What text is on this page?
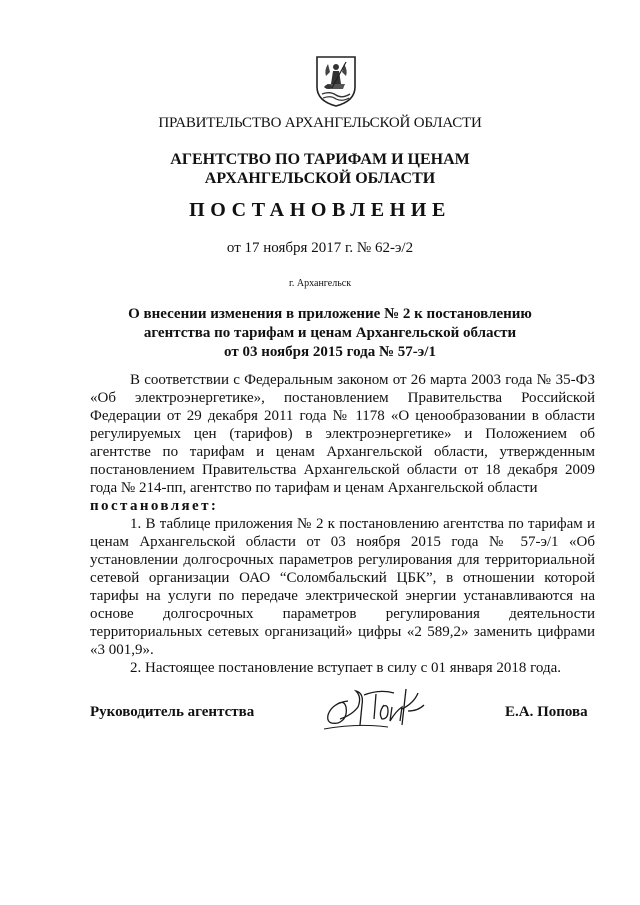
ПРАВИТЕЛЬСТВО АРХАНГЕЛЬСКОЙ ОБЛАСТИ
АГЕНТСТВО ПО ТАРИФАМ И ЦЕНАМ
АРХАНГЕЛЬСКОЙ ОБЛАСТИ
ПОСТАНОВЛЕНИЕ
от 17 ноября 2017 г. № 62-э/2
г. Архангельск
О внесении изменения в приложение № 2 к постановлению
агентства по тарифам и ценам Архангельской области
от 03 ноября 2015 года № 57-э/1

В соответствии с Федеральным законом от 26 марта 2003 года № 35-ФЗ «Об электроэнергетике», постановлением Правительства Российской Федерации от 29 декабря 2011 года № 1178 «О ценообразовании в области регулируемых цен (тарифов) в электроэнергетике» и Положением об агентстве по тарифам и ценам Архангельской области, утвержденным постановлением Правительства Архангельской области от 18 декабря 2009 года № 214-пп, агентство по тарифам и ценам Архангельской области

постановляет:

1. В таблице приложения № 2 к постановлению агентства по тарифам и ценам Архангельской области от 03 ноября 2015 года № 57-э/1 «Об установлении долгосрочных параметров регулирования для территориальной сетевой организации ОАО “Соломбальский ЦБК”, в отношении которой тарифы на услуги по передаче электрической энергии устанавливаются на основе долгосрочных параметров регулирования деятельности территориальных сетевых организаций» цифры «2 589,2» заменить цифрами «3 001,9».

2. Настоящее постановление вступает в силу с 01 января 2018 года.

Руководитель агентства	Е.А. Попова
